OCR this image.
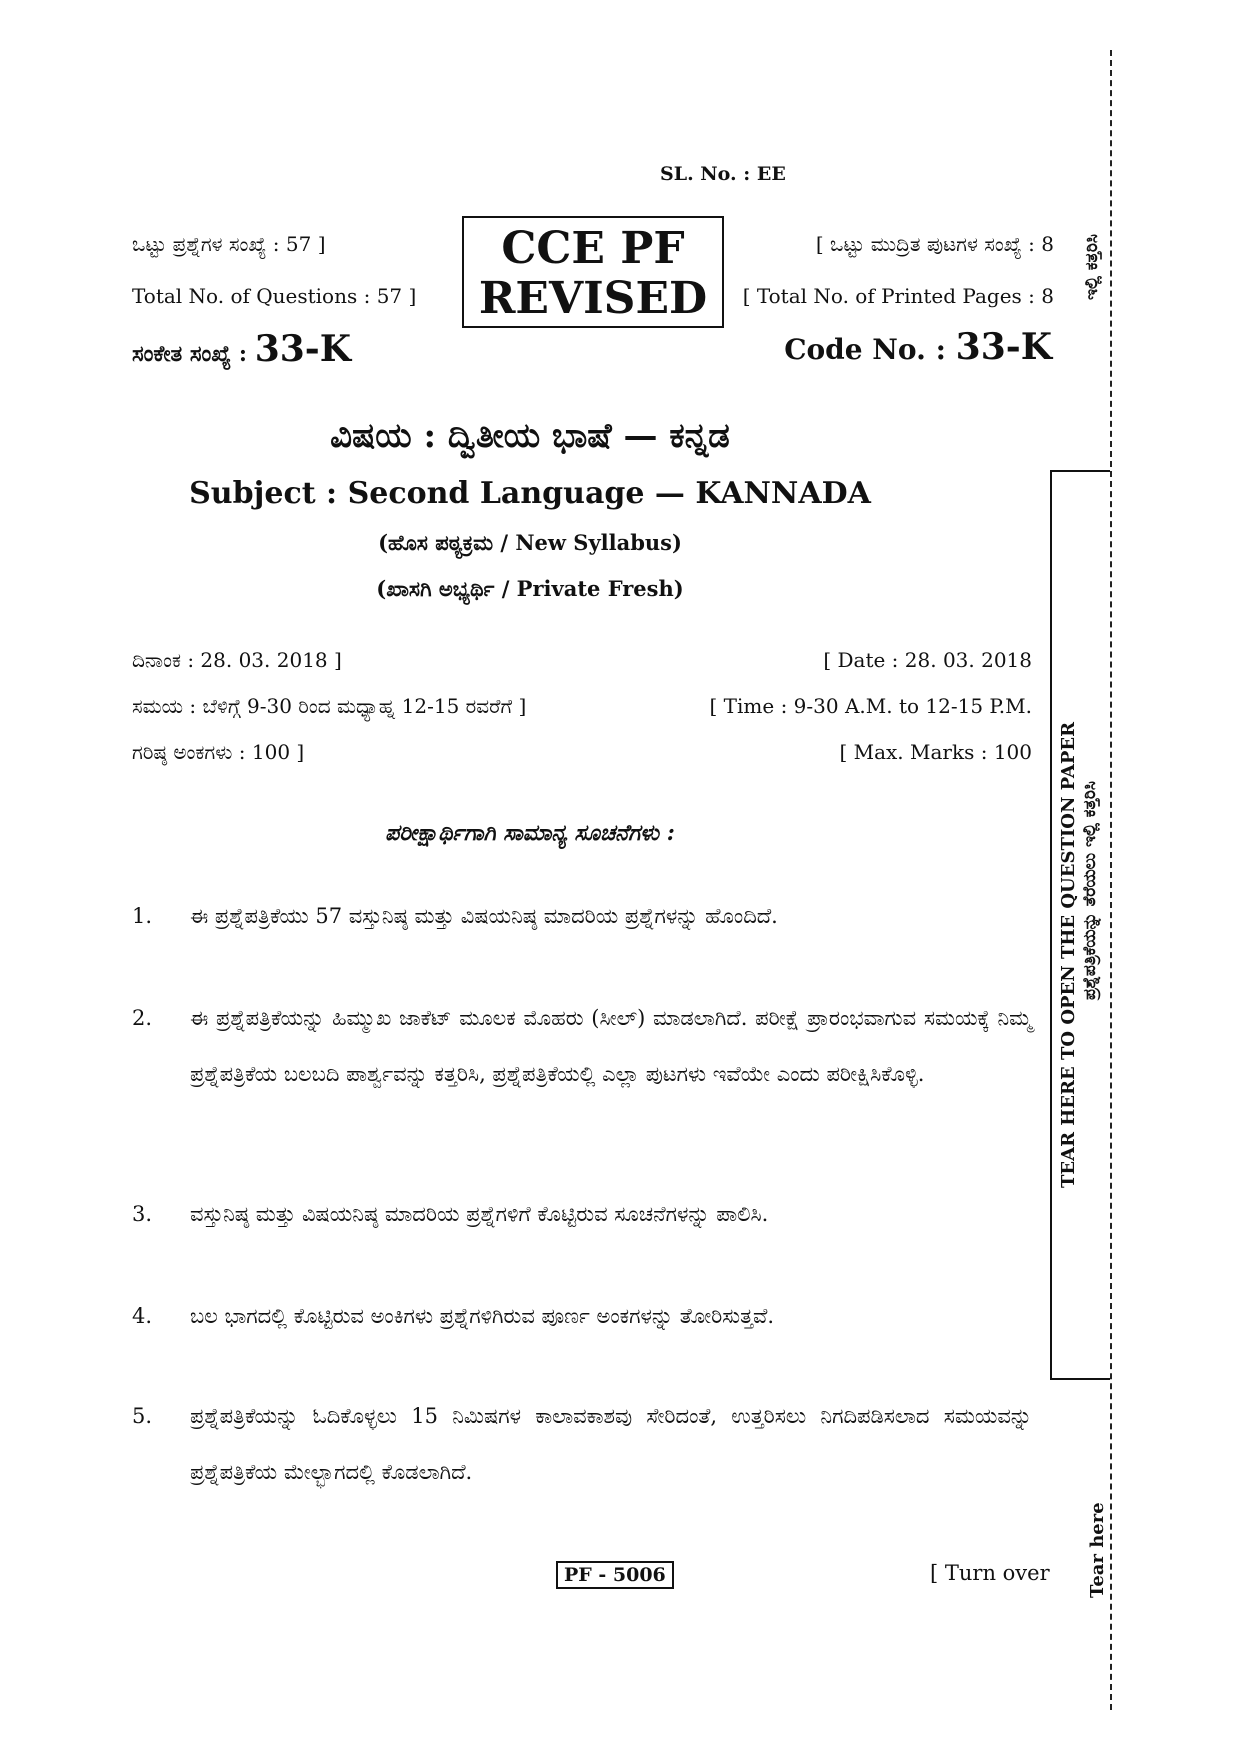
SL. No. : EE
ಒಟ್ಟು ಪ್ರಶ್ನೆಗಳ ಸಂಖ್ಯೆ : 57 ]
Total No. of Questions : 57 ]
CCE PF
REVISED
[ ಒಟ್ಟು ಮುದ್ರಿತ ಪುಟಗಳ ಸಂಖ್ಯೆ : 8
[ Total No. of Printed Pages : 8
ಸಂಕೇತ ಸಂಖ್ಯೆ : 33-K	Code No. : 33-K
ವಿಷಯ : ದ್ವಿತೀಯ ಭಾಷೆ — ಕನ್ನಡ
Subject : Second Language — KANNADA
(ಹೊಸ ಪಠ್ಯಕ್ರಮ / New Syllabus)
(ಖಾಸಗಿ ಅಭ್ಯರ್ಥಿ / Private Fresh)
ದಿನಾಂಕ : 28. 03. 2018 ]	[ Date : 28. 03. 2018
ಸಮಯ : ಬೆಳಿಗ್ಗೆ 9-30 ರಿಂದ ಮಧ್ಯಾಹ್ನ 12-15 ರವರೆಗೆ ]	[ Time : 9-30 A.M. to 12-15 P.M.
ಗರಿಷ್ಠ ಅಂಕಗಳು : 100 ]	[ Max. Marks : 100
ಪರೀಕ್ಷಾರ್ಥಿಗಾಗಿ ಸಾಮಾನ್ಯ ಸೂಚನೆಗಳು :
1. ಈ ಪ್ರಶ್ನೆಪತ್ರಿಕೆಯು 57 ವಸ್ತುನಿಷ್ಠ ಮತ್ತು ವಿಷಯನಿಷ್ಠ ಮಾದರಿಯ ಪ್ರಶ್ನೆಗಳನ್ನು ಹೊಂದಿದೆ.
2. ಈ ಪ್ರಶ್ನೆಪತ್ರಿಕೆಯನ್ನು ಹಿಮ್ಮುಖ ಜಾಕೆಟ್ ಮೂಲಕ ಮೊಹರು (ಸೀಲ್) ಮಾಡಲಾಗಿದೆ. ಪರೀಕ್ಷೆ ಪ್ರಾರಂಭವಾಗುವ ಸಮಯಕ್ಕೆ ನಿಮ್ಮ ಪ್ರಶ್ನೆಪತ್ರಿಕೆಯ ಬಲಬದಿ ಪಾರ್ಶ್ವವನ್ನು ಕತ್ತರಿಸಿ, ಪ್ರಶ್ನೆಪತ್ರಿಕೆಯಲ್ಲಿ ಎಲ್ಲಾ ಪುಟಗಳು ಇವೆಯೇ ಎಂದು ಪರೀಕ್ಷಿಸಿಕೊಳ್ಳಿ.
3. ವಸ್ತುನಿಷ್ಠ ಮತ್ತು ವಿಷಯನಿಷ್ಠ ಮಾದರಿಯ ಪ್ರಶ್ನೆಗಳಿಗೆ ಕೊಟ್ಟಿರುವ ಸೂಚನೆಗಳನ್ನು ಪಾಲಿಸಿ.
4. ಬಲ ಭಾಗದಲ್ಲಿ ಕೊಟ್ಟಿರುವ ಅಂಕಿಗಳು ಪ್ರಶ್ನೆಗಳಿಗಿರುವ ಪೂರ್ಣ ಅಂಕಗಳನ್ನು ತೋರಿಸುತ್ತವೆ.
5. ಪ್ರಶ್ನೆಪತ್ರಿಕೆಯನ್ನು ಓದಿಕೊಳ್ಳಲು 15 ನಿಮಿಷಗಳ ಕಾಲಾವಕಾಶವು ಸೇರಿದಂತೆ, ಉತ್ತರಿಸಲು ನಿಗದಿಪಡಿಸಲಾದ ಸಮಯವನ್ನು ಪ್ರಶ್ನೆಪತ್ರಿಕೆಯ ಮೇಲ್ಭಾಗದಲ್ಲಿ ಕೊಡಲಾಗಿದೆ.
PF - 5006	[ Turn over
ಇಲ್ಲಿ ಕತ್ತರಿಸಿ
TEAR HERE TO OPEN THE QUESTION PAPER ಪ್ರಶ್ನೆಪತ್ರಿಕೆಯನ್ನು ತೆರೆಯಲು ಇಲ್ಲಿ ಕತ್ತರಿಸಿ
Tear here
